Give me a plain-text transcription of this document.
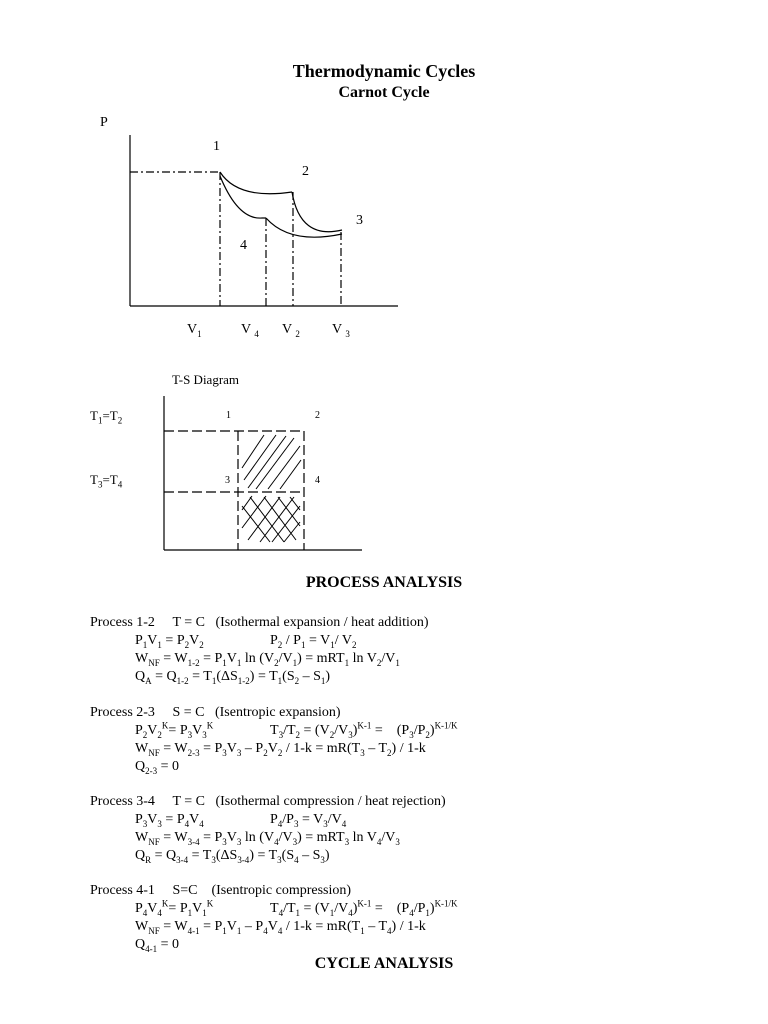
Thermodynamic Cycles
Carnot Cycle
P
1
2
3
4
$V_1$	V $_4$ V $_2$ V $_3$
T-S Diagram
$T_1=T_2$
$T_3=T_4$
1	2
3	4
PROCESS ANALYSIS
Process 1-2 T = C (Isothermal expansion / heat addition)
$P_1V_1 = P_2V_2$	$P_2 / P_1 = V_1/$ $V_2$
$W_{NF} = W_{1-2} = P_1V_1$ $\ln (V_2/V_1) = mRT_1$ $\ln V_2/V_1$
$Q_A = Q_{1-2} = T_1(\Delta S_{1-2}) = T_1(S_2 - S_1)$
Process 2-3 S = C (Isentropic expansion)
$P_2V_2^K= P_3V_3^K$	$T_3/T_2 = (V_2/V_3)^{K-1}$ =    $(P_3/P_2)^{K-1/K}$
$W_{NF} = W_{2-3} = P_3V_3 - P_2V_2 / 1-k = mR(T_3 - T_2) / 1-k$
$Q_{2-3} = 0$
Process 3-4 T = C (Isothermal compression / heat rejection)
$P_3V_3 = P_4V_4$	$P_4/P_3 = V_3/V_4$
$W_{NF} = W_{3-4} = P_3V_3$ $\ln (V_4/V_3) = mRT_3$ $\ln V_4/V_3$
$Q_R = Q_{3-4} = T_3(\Delta S_{3-4}) = T_3(S_4 - S_3)$
Process 4-1 S=C (Isentropic compression)
$P_4V_4^K= P_1V_1^K$	$T_4/T_1 = (V_1/V_4)^{K-1}$ =    $(P_4/P_1)^{K-1/K}$
$W_{NF} = W_{4-1} = P_1V_1 - P_4V_4 / 1-k = mR(T_1 - T_4) / 1-k$
$Q_{4-1} = 0$
CYCLE ANALYSIS
